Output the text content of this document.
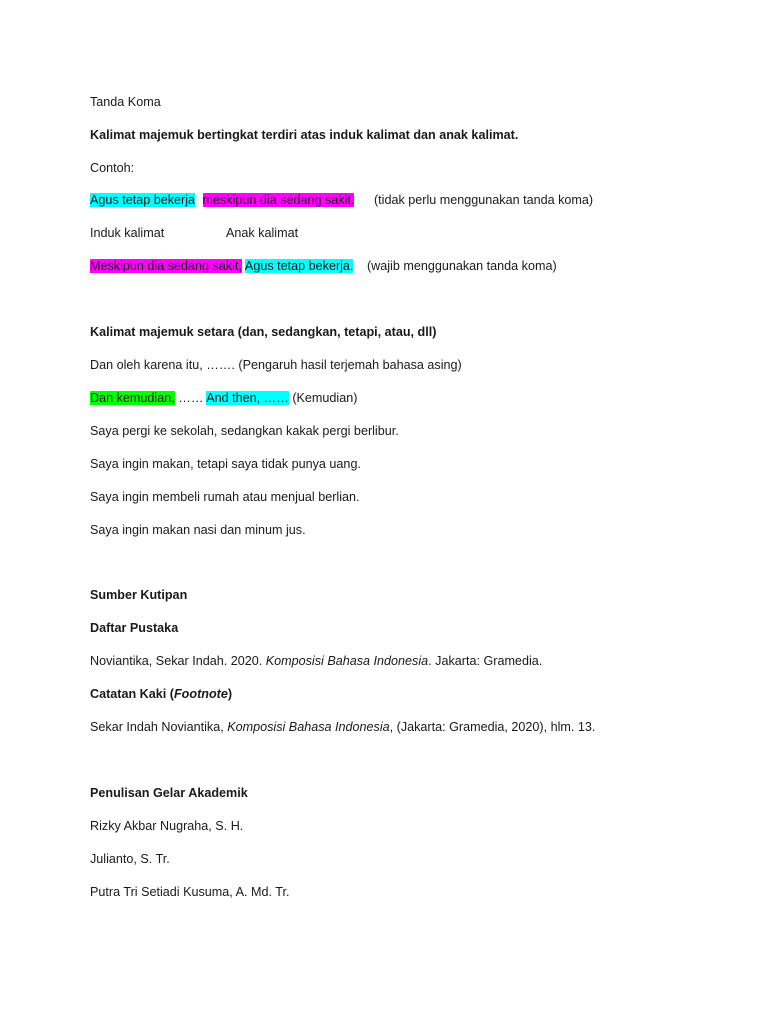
Tanda Koma
Kalimat majemuk bertingkat terdiri atas induk kalimat dan anak kalimat.
Contoh:
Agus tetap bekerja meskipun dia sedang sakit. (tidak perlu menggunakan tanda koma)
Induk kalimat	Anak kalimat
Meskipun dia sedang sakit, Agus tetap bekerja. (wajib menggunakan tanda koma)
Kalimat majemuk setara (dan, sedangkan, tetapi, atau, dll)
Dan oleh karena itu, ……. (Pengaruh hasil terjemah bahasa asing)
Dan kemudian, …… And then, …… (Kemudian)
Saya pergi ke sekolah, sedangkan kakak pergi berlibur.
Saya ingin makan, tetapi saya tidak punya uang.
Saya ingin membeli rumah atau menjual berlian.
Saya ingin makan nasi dan minum jus.
Sumber Kutipan
Daftar Pustaka
Noviantika, Sekar Indah. 2020. Komposisi Bahasa Indonesia. Jakarta: Gramedia.
Catatan Kaki (Footnote)
Sekar Indah Noviantika, Komposisi Bahasa Indonesia, (Jakarta: Gramedia, 2020), hlm. 13.
Penulisan Gelar Akademik
Rizky Akbar Nugraha, S. H.
Julianto, S. Tr.
Putra Tri Setiadi Kusuma, A. Md. Tr.
